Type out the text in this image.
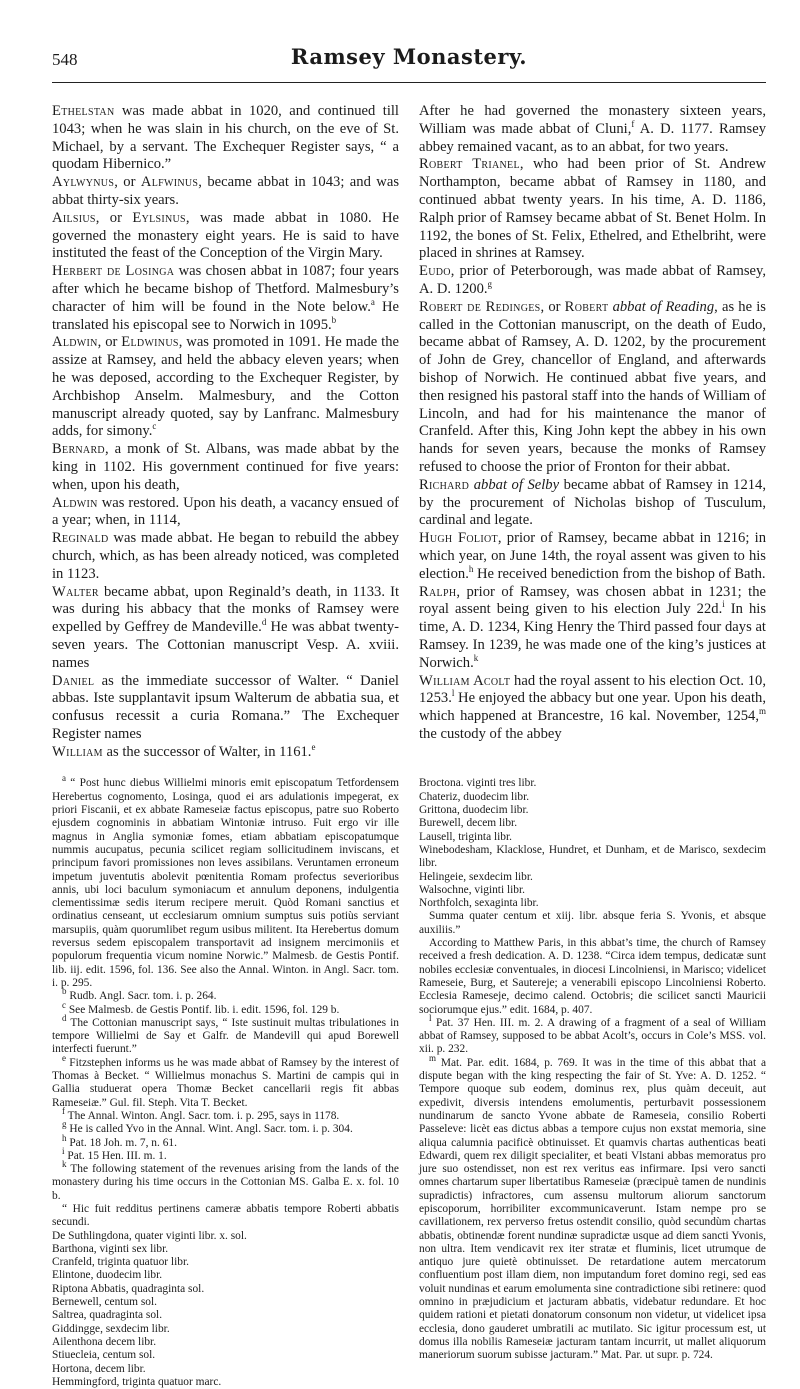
548	Ramsey Monastery.

Ethelstan was made abbat in 1020, and continued till 1043; when he was slain in his church, on the eve of St. Michael, by a servant. The Exchequer Register says, “ a quodam Hibernico.”

Aylwynus, or Alfwinus, became abbat in 1043; and was abbat thirty-six years.

Ailsius, or Eylsinus, was made abbat in 1080. He governed the monastery eight years. He is said to have instituted the feast of the Conception of the Virgin Mary.

Herbert de Losinga was chosen abbat in 1087; four years after which he became bishop of Thetford. Malmesbury’s character of him will be found in the Note below.$^a$ He translated his episcopal see to Norwich in 1095.$^b$

Aldwin, or Eldwinus, was promoted in 1091. He made the assize at Ramsey, and held the abbacy eleven years; when he was deposed, according to the Exchequer Register, by Archbishop Anselm. Malmesbury, and the Cotton manuscript already quoted, say by Lanfranc. Malmesbury adds, for simony.$^c$

Bernard, a monk of St. Albans, was made abbat by the king in 1102. His government continued for five years: when, upon his death,

Aldwin was restored. Upon his death, a vacancy ensued of a year; when, in 1114,

Reginald was made abbat. He began to rebuild the abbey church, which, as has been already noticed, was completed in 1123.

Walter became abbat, upon Reginald’s death, in 1133. It was during his abbacy that the monks of Ramsey were expelled by Geffrey de Mandeville.$^d$ He was abbat twenty-seven years. The Cottonian manuscript Vesp. A. xviii. names

Daniel as the immediate successor of Walter. “ Daniel abbas. Iste supplantavit ipsum Walterum de abbatia sua, et confusus recessit a curia Romana.” The Exchequer Register names

William as the successor of Walter, in 1161.$^e$

After he had governed the monastery sixteen years, William was made abbat of Cluni,$^f$ A. D. 1177. Ramsey abbey remained vacant, as to an abbat, for two years.

Robert Trianel, who had been prior of St. Andrew Northampton, became abbat of Ramsey in 1180, and continued abbat twenty years. In his time, A. D. 1186, Ralph prior of Ramsey became abbat of St. Benet Holm. In 1192, the bones of St. Felix, Ethelred, and Ethelbriht, were placed in shrines at Ramsey.

Eudo, prior of Peterborough, was made abbat of Ramsey, A. D. 1200.$^g$

Robert de Redinges, or Robert abbat of Reading, as he is called in the Cottonian manuscript, on the death of Eudo, became abbat of Ramsey, A. D. 1202, by the procurement of John de Grey, chancellor of England, and afterwards bishop of Norwich. He continued abbat five years, and then resigned his pastoral staff into the hands of William of Lincoln, and had for his maintenance the manor of Cranfeld. After this, King John kept the abbey in his own hands for seven years, because the monks of Ramsey refused to choose the prior of Fronton for their abbat.

Richard abbat of Selby became abbat of Ramsey in 1214, by the procurement of Nicholas bishop of Tusculum, cardinal and legate.

Hugh Foliot, prior of Ramsey, became abbat in 1216; in which year, on June 14th, the royal assent was given to his election.$^h$ He received benediction from the bishop of Bath.

Ralph, prior of Ramsey, was chosen abbat in 1231; the royal assent being given to his election July 22d.$^i$ In his time, A. D. 1234, King Henry the Third passed four days at Ramsey. In 1239, he was made one of the king’s justices at Norwich.$^k$

William Acolt had the royal assent to his election Oct. 10, 1253.$^l$ He enjoyed the abbacy but one year. Upon his death, which happened at Brancestre, 16 kal. November, 1254,$^m$ the custody of the abbey

$^a$ “ Post hunc diebus Willielmi minoris emit episcopatum Tetfordensem Herebertus cognomento, Losinga, quod ei ars adulationis impegerat, ex priori Fiscanii, et ex abbate Rameseiæ factus episcopus, patre suo Roberto ejusdem cognominis in abbatiam Wintoniæ intruso. Fuit ergo vir ille magnus in Anglia symoniæ fomes, etiam abbatiam episcopatumque nummis aucupatus, pecunia scilicet regiam sollicitudinem inviscans, et principum favori promissiones non leves assibilans. Veruntamen erroneum impetum juventutis abolevit pœnitentia Romam profectus severioribus annis, ubi loci baculum symoniacum et annulum deponens, indulgentia clementissimæ sedis iterum recipere meruit. Quòd Romani sanctius et ordinatius censeant, ut ecclesiarum omnium sumptus suis potiùs serviant marsupiis, quàm quorumlibet regum usibus militent. Ita Herebertus domum reversus sedem episcopalem transportavit ad insignem mercimoniis et populorum frequentia vicum nomine Norwic.” Malmesb. de Gestis Pontif. lib. iij. edit. 1596, fol. 136. See also the Annal. Winton. in Angl. Sacr. tom. i. p. 295.

$^b$ Rudb. Angl. Sacr. tom. i. p. 264.

$^c$ See Malmesb. de Gestis Pontif. lib. i. edit. 1596, fol. 129 b.

$^d$ The Cottonian manuscript says, “ Iste sustinuit multas tribulationes in tempore Willielmi de Say et Galfr. de Mandevill qui apud Borewell interfecti fuerunt.”

$^e$ Fitzstephen informs us he was made abbat of Ramsey by the interest of Thomas à Becket. “ Willielmus monachus S. Martini de campis qui in Gallia studuerat opera Thomæ Becket cancellarii regis fit abbas Rameseiæ.” Gul. fil. Steph. Vita T. Becket.

$^f$ The Annal. Winton. Angl. Sacr. tom. i. p. 295, says in 1178.

$^g$ He is called Yvo in the Annal. Wint. Angl. Sacr. tom. i. p. 304.

$^h$ Pat. 18 Joh. m. 7, n. 61.

$^i$ Pat. 15 Hen. III. m. 1.

$^k$ The following statement of the revenues arising from the lands of the monastery during his time occurs in the Cottonian MS. Galba E. x. fol. 10 b.

“ Hic fuit redditus pertinens cameræ abbatis tempore Roberti abbatis secundi.

De Suthlingdona, quater viginti libr. x. sol.

Barthona, viginti sex libr.

Cranfeld, triginta quatuor libr.

Elintone, duodecim libr.

Riptona Abbatis, quadraginta sol.

Bernewell, centum sol.

Saltrea, quadraginta sol.

Giddingge, sexdecim libr.

Ailenthona decem libr.

Stiuecleia, centum sol.

Hortona, decem libr.

Hemmingford, triginta quatuor marc.

Broctona. viginti tres libr.

Chateriz, duodecim libr.

Grittona, duodecim libr.

Burewell, decem libr.

Lausell, triginta libr.

Winebodesham, Klacklose, Hundret, et Dunham, et de Marisco, sexdecim libr.

Helingeie, sexdecim libr.

Walsochne, viginti libr.

Northfolch, sexaginta libr.

Summa quater centum et xiij. libr. absque feria S. Yvonis, et absque auxiliis.”

According to Matthew Paris, in this abbat’s time, the church of Ramsey received a fresh dedication. A. D. 1238. “Circa idem tempus, dedicatæ sunt nobiles ecclesiæ conventuales, in diocesi Lincolniensi, in Marisco; videlicet Rameseie, Burg, et Sautereje; a venerabili episcopo Lincolniensi Roberto. Ecclesia Rameseje, decimo calend. Octobris; die scilicet sancti Mauricii sociorumque ejus.” edit. 1684, p. 407.

$^l$ Pat. 37 Hen. III. m. 2. A drawing of a fragment of a seal of William abbat of Ramsey, supposed to be abbat Acolt’s, occurs in Cole’s MSS. vol. xii. p. 232.

$^m$ Mat. Par. edit. 1684, p. 769. It was in the time of this abbat that a dispute began with the king respecting the fair of St. Yve: A. D. 1252. “ Tempore quoque sub eodem, dominus rex, plus quàm deceuit, aut expedivit, diversis intendens emolumentis, perturbavit possessionem nundinarum de sancto Yvone abbate de Rameseia, consilio Roberti Passeleve: licèt eas dictus abbas a tempore cujus non exstat memoria, sine aliqua calumnia pacificè obtinuisset. Et quamvis chartas authenticas beati Edwardi, quem rex diligit specialiter, et beati Vlstani abbas memoratus pro jure suo ostendisset, non est rex veritus eas infirmare. Ipsi vero sancti omnes chartarum super libertatibus Rameseiæ (præcipuè tamen de nundinis supradictis) infractores, cum assensu multorum aliorum sanctorum episcoporum, horribiliter excommunicaverunt. Istam nempe pro se cavillationem, rex perverso fretus ostendit consilio, quòd secundùm chartas abbatis, obtinendæ forent nundinæ supradictæ usque ad diem sancti Yvonis, non ultra. Item vendicavit rex iter stratæ et fluminis, licet utrumque de antiquo jure quietè obtinuisset. De retardatione autem mercatorum confluentium post illam diem, non imputandum foret domino regi, sed eas voluit nundinas et earum emolumenta sine contradictione sibi retinere: quod omnino in præjudicium et jacturam abbatis, videbatur redundare. Et hoc quidem rationi et pietati donatorum consonum non videtur, ut videlicet ipsa ecclesia, dono gauderet umbratili ac mutilato. Sic igitur processum est, ut domus illa nobilis Rameseiæ jacturam tantam incurrit, ut mallet aliquorum maneriorum suorum subisse jacturam.” Mat. Par. ut supr. p. 724.
